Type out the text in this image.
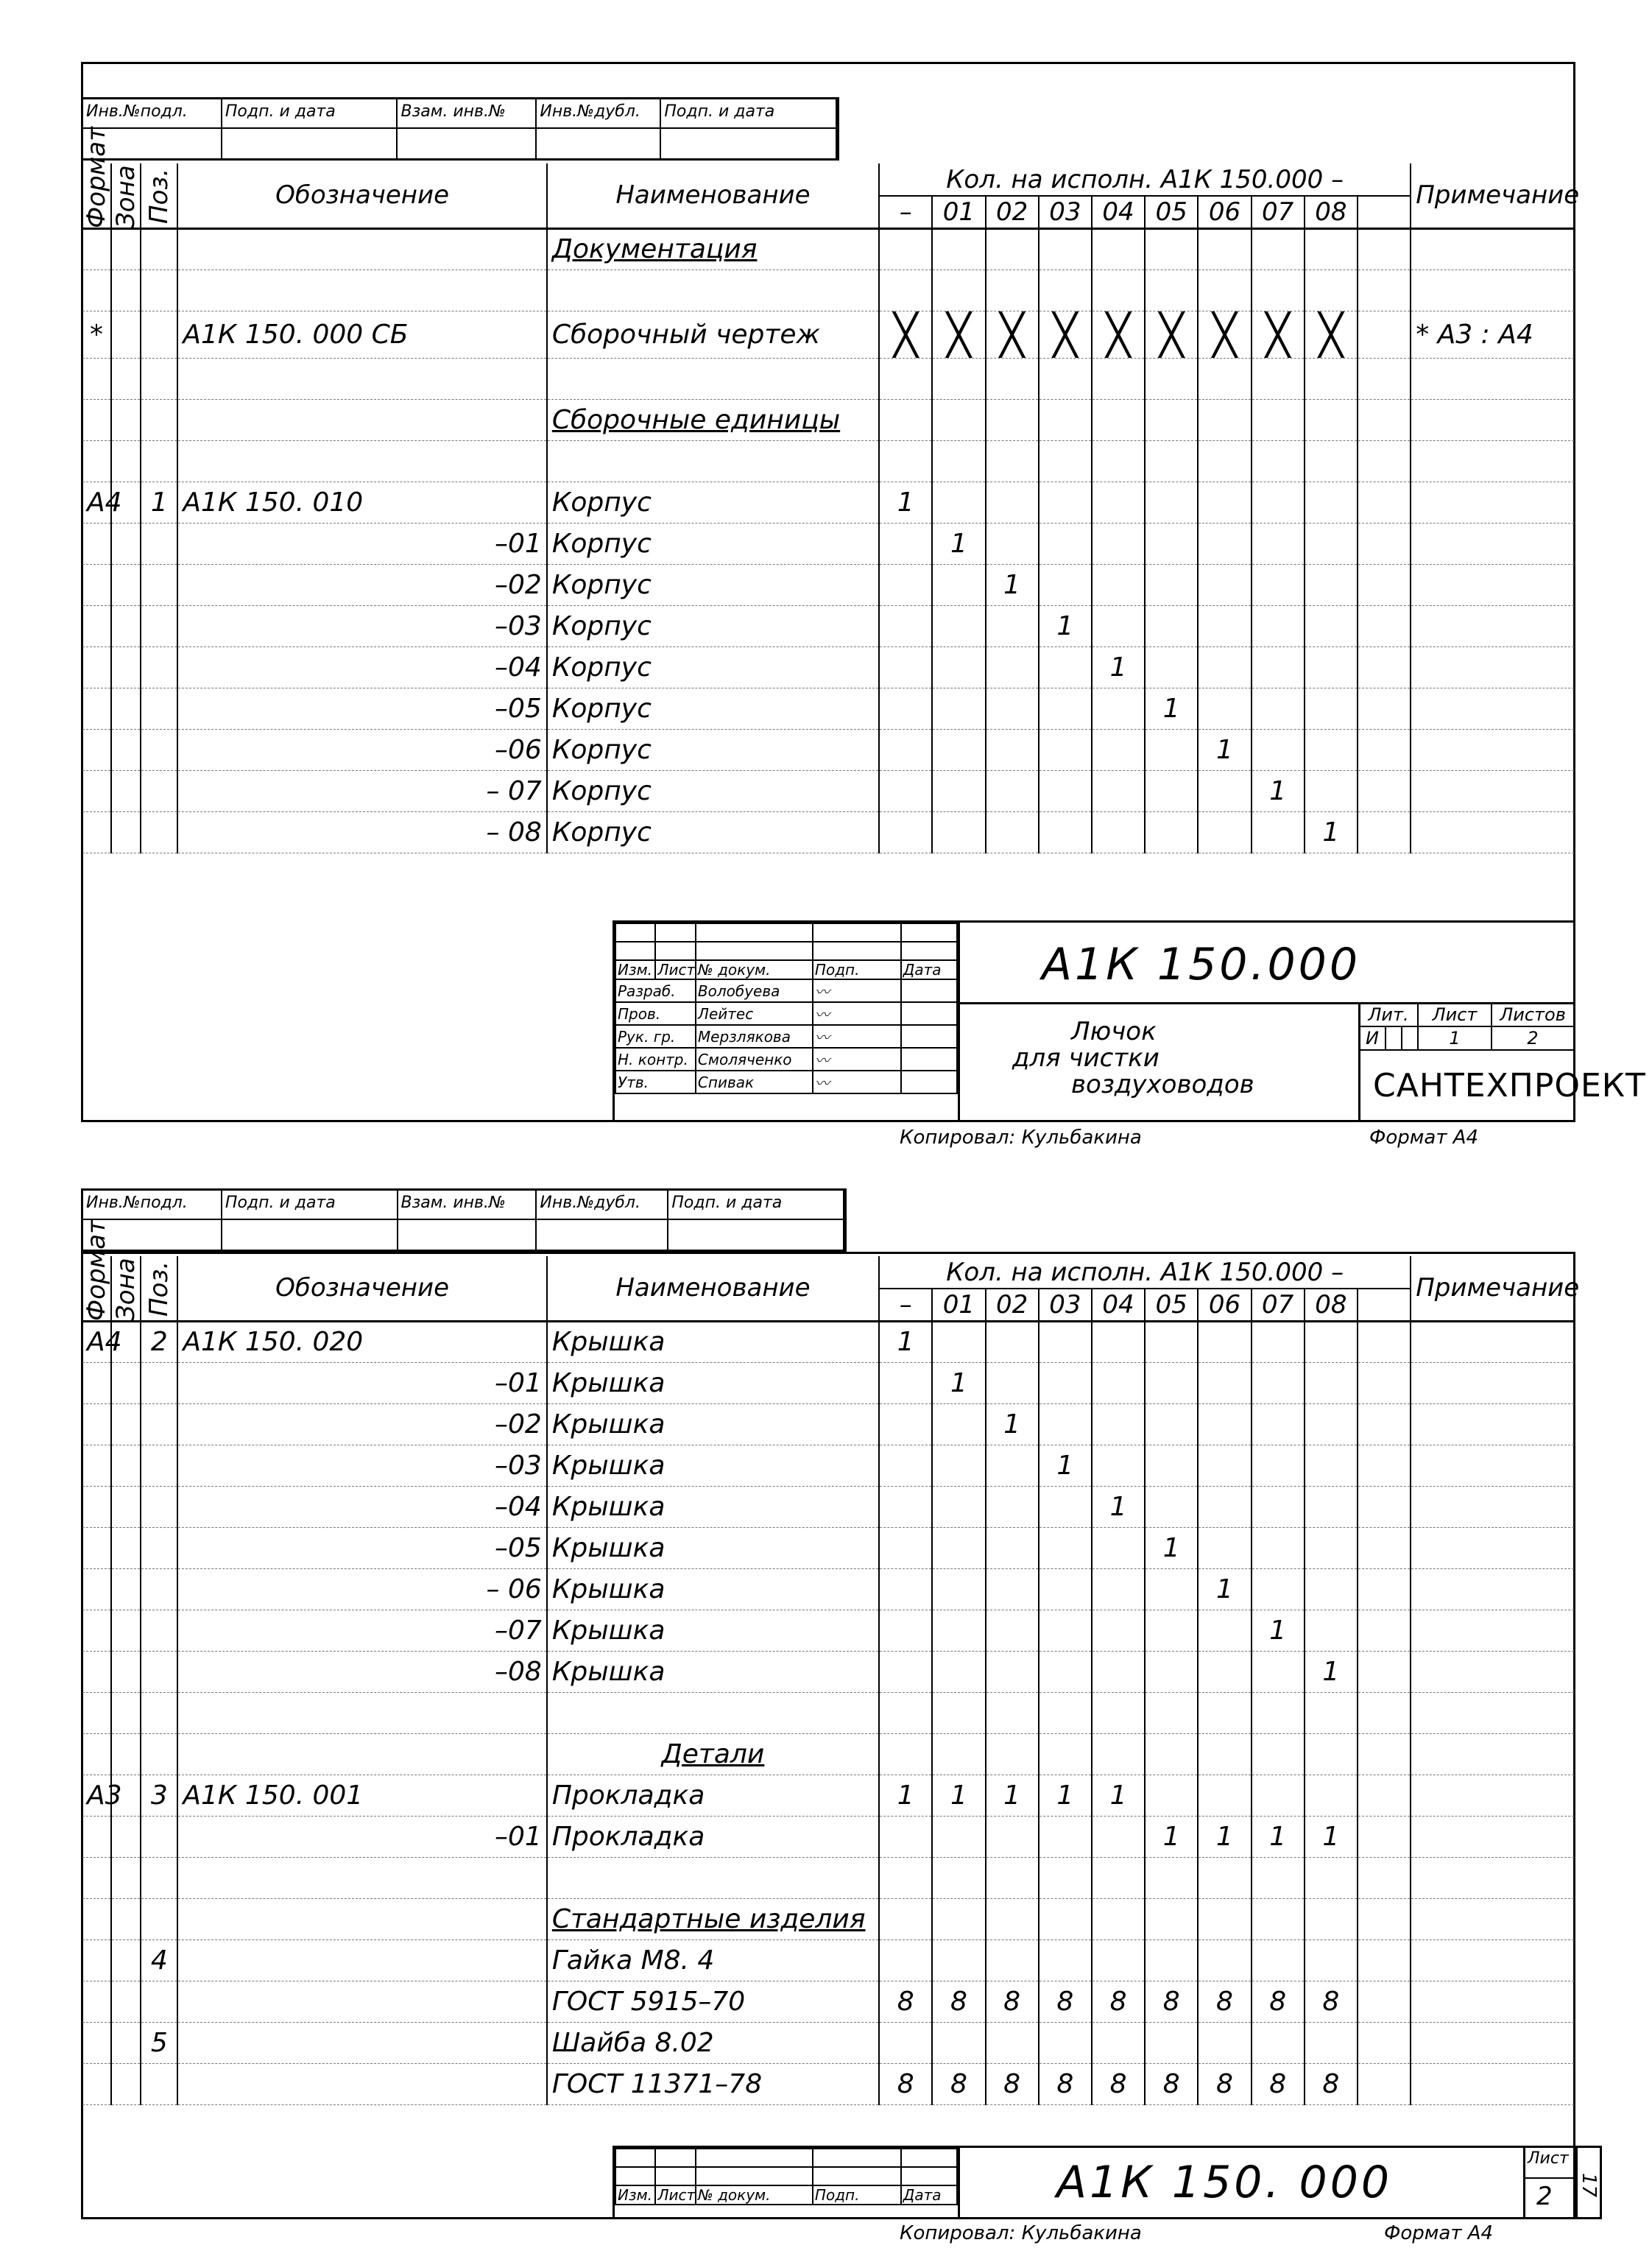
Инв.№подл.	Подп. и дата	Взам. инв.№	Инв.№дубл.	Подп. и дата
Формат	Зона	Поз.	Обозначение	Наименование	Кол. на исполн. А1К 150.000 –										Примечание
					–	01	02	03	04	05	06	07	08		
				Документация											

*			А1К 150. 000 СБ	Сборочный чертеж	╳	╳	╳	╳	╳	╳	╳	╳	╳		* А3 : А4

				Сборочные единицы											

А4		1	А1К 150. 010	Корпус	1										
			–01	Корпус		1									
			–02	Корпус			1								
			–03	Корпус				1							
			–04	Корпус					1						
			–05	Корпус						1					
			–06	Корпус							1				
			– 07	Корпус								1			
			– 08	Корпус									1		

Изм.	Лист	№ докум.	Подп.	Дата
Разраб.		Волобуева	〰	
Пров.		Лейтес	〰	
Рук. гр.		Мерзлякова	〰	
Н. контр.		Смоляченко	〰	
Утв.		Спивак	〰	
А1К 150.000
Лючок
для чистки
воздуховодов
Лит.			Лист	Листов
И			1	2
САНТЕХПРОЕКТ
Копировал: Кульбакина	Формат А4
Инв.№подл.	Подп. и дата	Взам. инв.№	Инв.№дубл.	Подп. и дата
Формат	Зона	Поз.	Обозначение	Наименование	Кол. на исполн. А1К 150.000 –										Примечание
					–	01	02	03	04	05	06	07	08		
А4		2	А1К 150. 020	Крышка	1										
			–01	Крышка		1									
			–02	Крышка			1								
			–03	Крышка				1							
			–04	Крышка					1						
			–05	Крышка						1					
			– 06	Крышка							1				
			–07	Крышка								1			
			–08	Крышка									1		

				Детали											
А3		3	А1К 150. 001	Прокладка	1	1	1	1	1						
			–01	Прокладка						1	1	1	1		

				Стандартные изделия											
		4		Гайка М8. 4											
				ГОСТ 5915–70	8	8	8	8	8	8	8	8	8		
		5		Шайба 8.02											
				ГОСТ 11371–78	8	8	8	8	8	8	8	8	8		

Изм.	Лист	№ докум.	Подп.	Дата	А1К 150. 000	Лист
2
Копировал: Кульбакина	Формат А4
17
